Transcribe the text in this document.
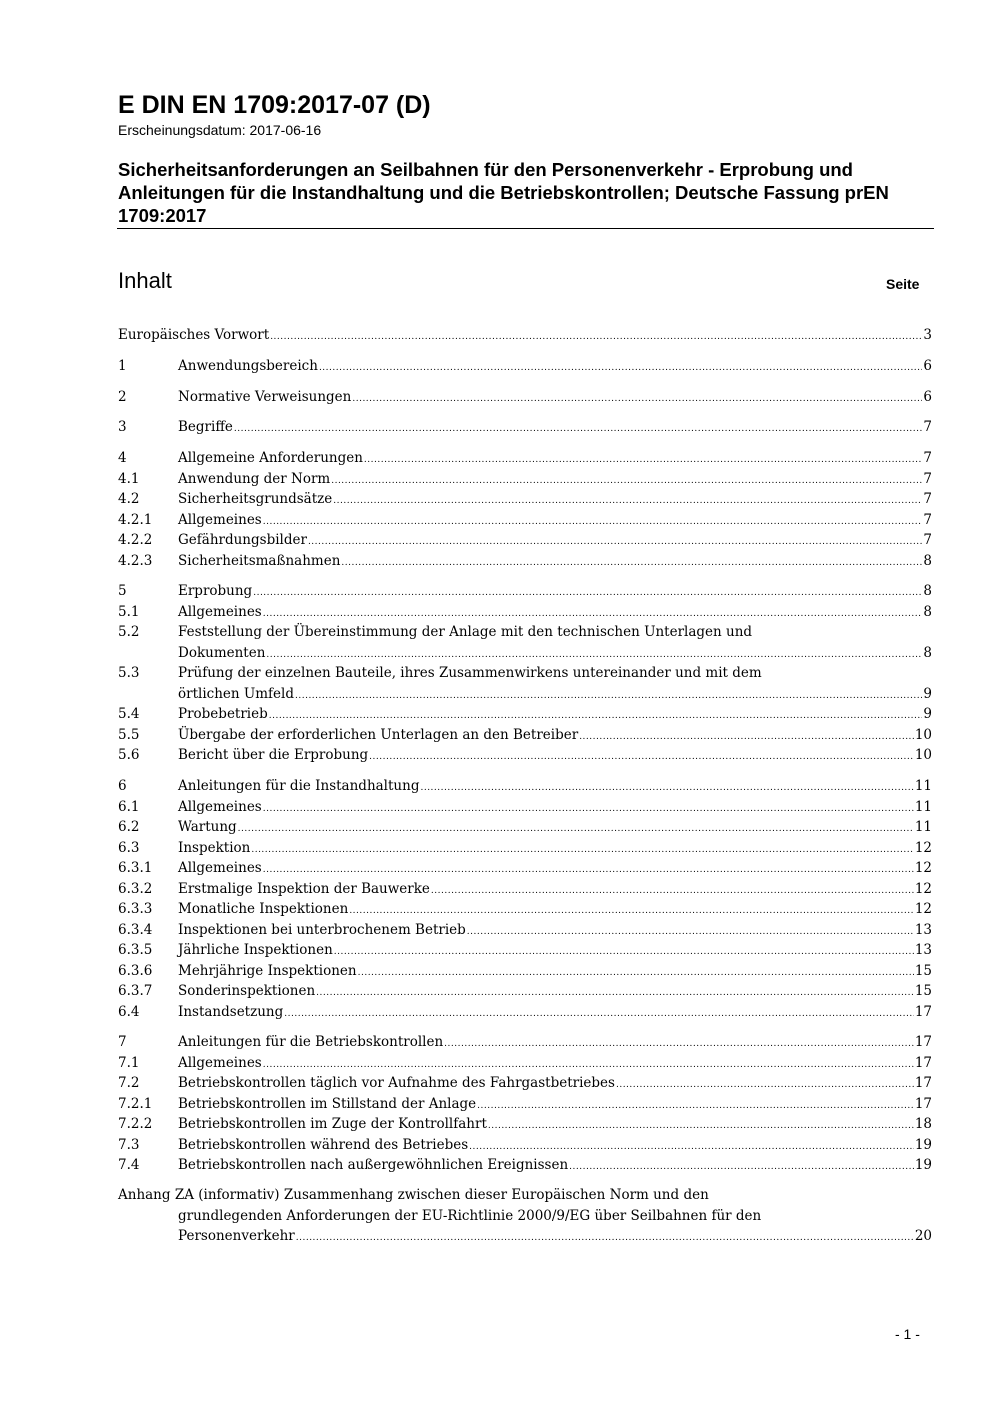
E DIN EN 1709:2017-07 (D)
Erscheinungsdatum: 2017-06-16
Sicherheitsanforderungen an Seilbahnen für den Personenverkehr - Erprobung und Anleitungen für die Instandhaltung und die Betriebskontrollen; Deutsche Fassung prEN 1709:2017
Inhalt	Seite
Europäisches Vorwort .....	3
1	Anwendungsbereich .....	6
2	Normative Verweisungen .....	6
3	Begriffe .....	7
4	Allgemeine Anforderungen .....	7
4.1	Anwendung der Norm .....	7
4.2	Sicherheitsgrundsätze .....	7
4.2.1 Allgemeines .....	7
4.2.2 Gefährdungsbilder .....	7
4.2.3 Sicherheitsmaßnahmen .....	8
5	Erprobung .....	8
5.1	Allgemeines .....	8
5.2	Feststellung der Übereinstimmung der Anlage mit den technischen Unterlagen und
Dokumenten .....	8
5.3	Prüfung der einzelnen Bauteile, ihres Zusammenwirkens untereinander und mit dem
örtlichen Umfeld .....	9
5.4	Probebetrieb .....	9
5.5	Übergabe der erforderlichen Unterlagen an den Betreiber .....	10
5.6	Bericht über die Erprobung .....	10
6	Anleitungen für die Instandhaltung .....	11
6.1	Allgemeines .....	11
6.2	Wartung .....	11
6.3	Inspektion .....	12
6.3.1 Allgemeines .....	12
6.3.2 Erstmalige Inspektion der Bauwerke .....	12
6.3.3 Monatliche Inspektionen .....	12
6.3.4 Inspektionen bei unterbrochenem Betrieb .....	13
6.3.5 Jährliche Inspektionen .....	13
6.3.6 Mehrjährige Inspektionen .....	15
6.3.7 Sonderinspektionen .....	15
6.4	Instandsetzung .....	17
7	Anleitungen für die Betriebskontrollen .....	17
7.1	Allgemeines .....	17
7.2	Betriebskontrollen täglich vor Aufnahme des Fahrgastbetriebes .....	17
7.2.1 Betriebskontrollen im Stillstand der Anlage .....	17
7.2.2 Betriebskontrollen im Zuge der Kontrollfahrt .....	18
7.3	Betriebskontrollen während des Betriebes .....	19
7.4	Betriebskontrollen nach außergewöhnlichen Ereignissen .....	19
Anhang ZA (informativ) Zusammenhang zwischen dieser Europäischen Norm und den
grundlegenden Anforderungen der EU-Richtlinie 2000/9/EG über Seilbahnen für den
Personenverkehr .....	20
- 1 -
